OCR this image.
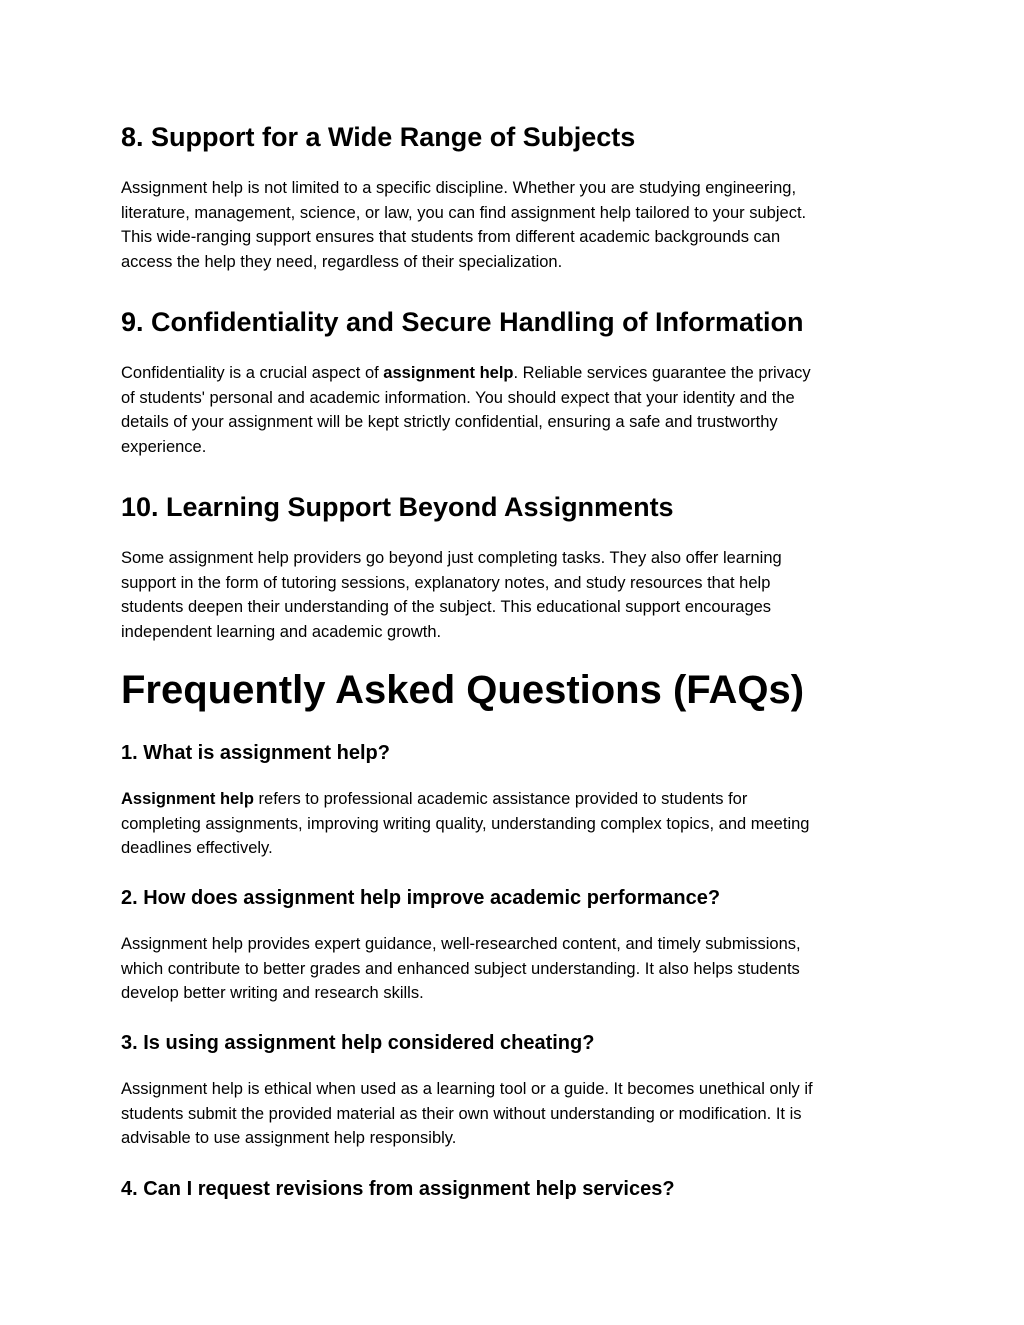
8. Support for a Wide Range of Subjects
Assignment help is not limited to a specific discipline. Whether you are studying engineering,
literature, management, science, or law, you can find assignment help tailored to your subject.
This wide-ranging support ensures that students from different academic backgrounds can
access the help they need, regardless of their specialization.
9. Confidentiality and Secure Handling of Information
Confidentiality is a crucial aspect of assignment help. Reliable services guarantee the privacy
of students' personal and academic information. You should expect that your identity and the
details of your assignment will be kept strictly confidential, ensuring a safe and trustworthy
experience.
10. Learning Support Beyond Assignments
Some assignment help providers go beyond just completing tasks. They also offer learning
support in the form of tutoring sessions, explanatory notes, and study resources that help
students deepen their understanding of the subject. This educational support encourages
independent learning and academic growth.
Frequently Asked Questions (FAQs)
1. What is assignment help?
Assignment help refers to professional academic assistance provided to students for
completing assignments, improving writing quality, understanding complex topics, and meeting
deadlines effectively.
2. How does assignment help improve academic performance?
Assignment help provides expert guidance, well-researched content, and timely submissions,
which contribute to better grades and enhanced subject understanding. It also helps students
develop better writing and research skills.
3. Is using assignment help considered cheating?
Assignment help is ethical when used as a learning tool or a guide. It becomes unethical only if
students submit the provided material as their own without understanding or modification. It is
advisable to use assignment help responsibly.
4. Can I request revisions from assignment help services?
